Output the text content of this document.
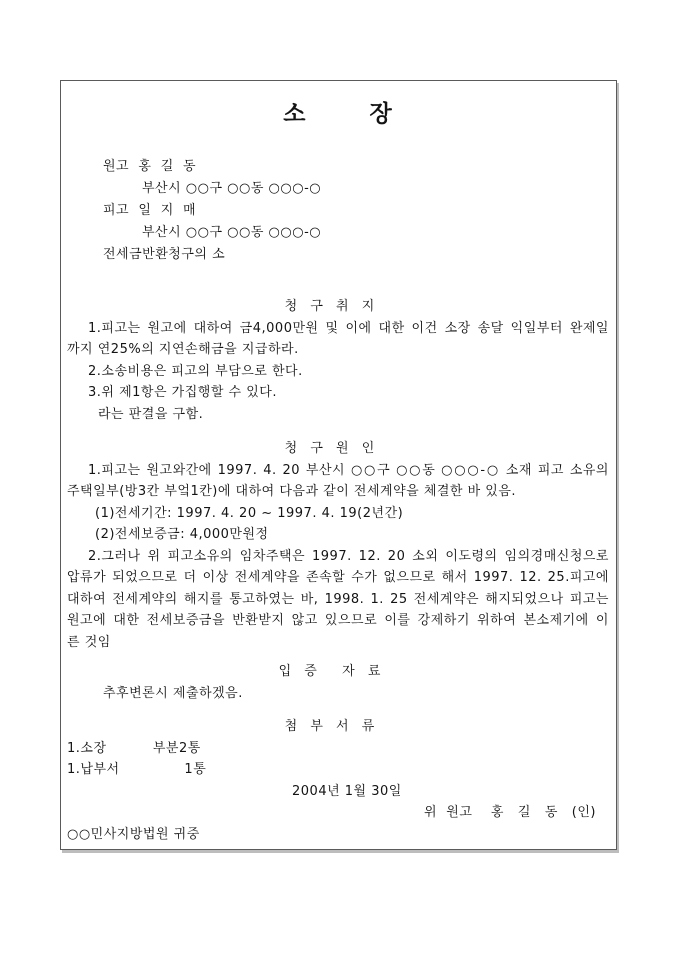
소       장
원고  홍  길  동
부산시 ○○구 ○○동 ○○○-○
피고  일  지  매
부산시 ○○구 ○○동 ○○○-○
전세금반환청구의 소
청 구 취 지
1.피고는 원고에 대하여 금4,000만원 및 이에 대한 이건 소장 송달 익일부터 완제일
까지 연25%의 지연손해금을 지급하라.
2.소송비용은 피고의 부담으로 한다.
3.위 제1항은 가집행할 수 있다.
라는 판결을 구함.
청 구 원 인
1.피고는 원고와간에 1997. 4. 20 부산시 ○○구 ○○동 ○○○-○ 소재 피고 소유의
주택일부(방3칸 부엌1칸)에 대하여 다음과 같이 전세계약을 체결한 바 있음.
(1)전세기간: 1997. 4. 20 ~ 1997. 4. 19(2년간)
(2)전세보증금: 4,000만원정
2.그러나 위 피고소유의 임차주택은 1997. 12. 20 소외 이도령의 임의경매신청으로
압류가 되었으므로 더 이상 전세계약을 존속할 수가 없으므로 해서 1997. 12. 25.피고에
대하여 전세계약의 해지를 통고하였는 바, 1998. 1. 25 전세계약은 해지되었으나 피고는
원고에 대한 전세보증금을 반환받지 않고 있으므로 이를 강제하기 위하여 본소제기에 이
른 것임
입 증  자 료
추후변론시 제출하겠음.
첨 부 서 류
1.소장          부분2통
1.납부서              1통
2004년 1월 30일
위  원고    홍   길   동   (인)
○○민사지방법원 귀중
